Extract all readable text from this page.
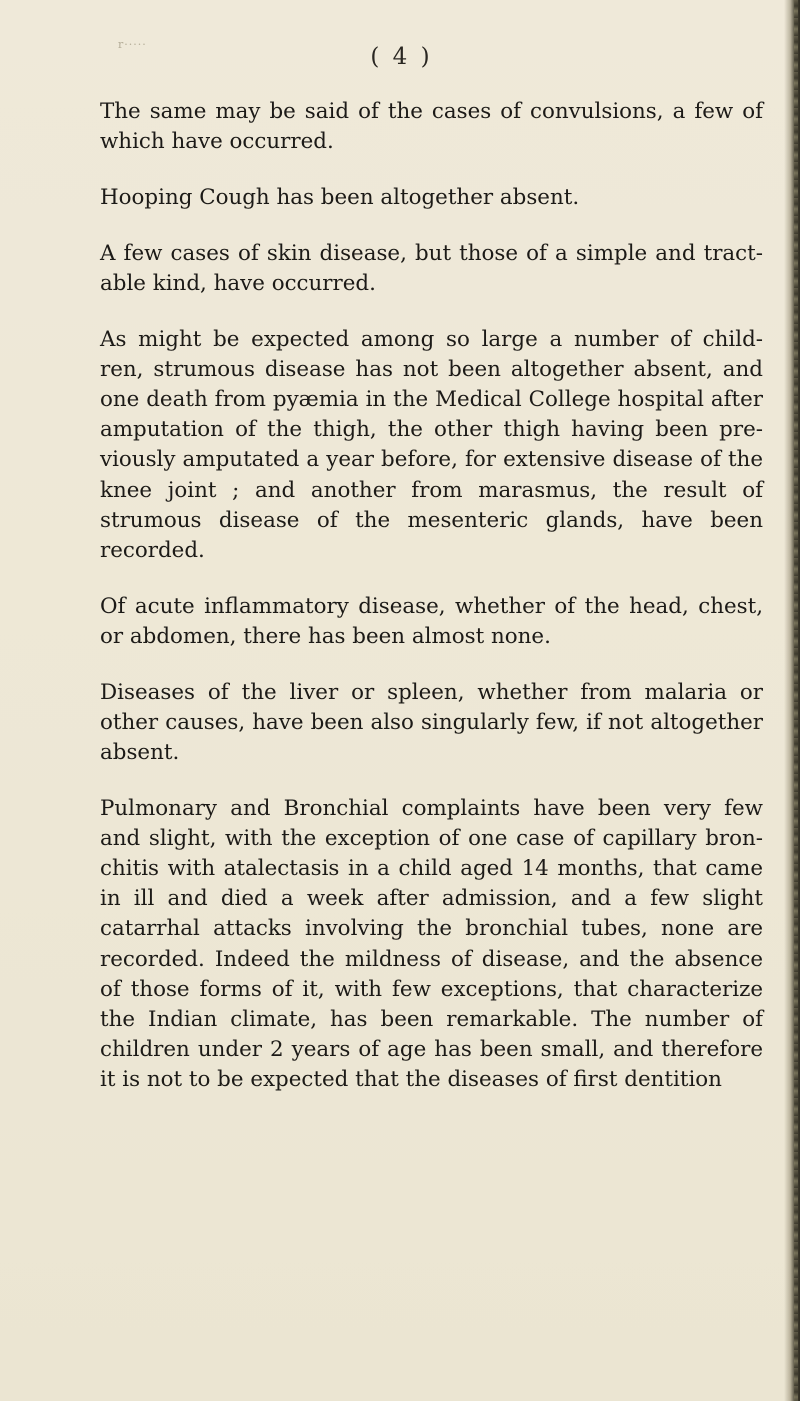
r·····	( 4 )

The same may be said of the cases of convulsions, a few of which have occurred.

Hooping Cough has been altogether absent.

A few cases of skin disease, but those of a simple and tract- able kind, have occurred.

As might be expected among so large a number of child- ren, strumous disease has not been altogether absent, and one death from pyæmia in the Medical College hospital after amputation of the thigh, the other thigh having been pre- viously amputated a year before, for extensive disease of the knee joint ; and another from marasmus, the result of strumous disease of the mesenteric glands, have been recorded.

Of acute inflammatory disease, whether of the head, chest, or abdomen, there has been almost none.

Diseases of the liver or spleen, whether from malaria or other causes, have been also singularly few, if not altogether absent.

Pulmonary and Bronchial complaints have been very few and slight, with the exception of one case of capillary bron- chitis with atalectasis in a child aged 14 months, that came in ill and died a week after admission, and a few slight catarrhal attacks involving the bronchial tubes, none are recorded. Indeed the mildness of disease, and the absence of those forms of it, with few exceptions, that characterize the Indian climate, has been remarkable. The number of children under 2 years of age has been small, and therefore it is not to be expected that the diseases of first dentition
